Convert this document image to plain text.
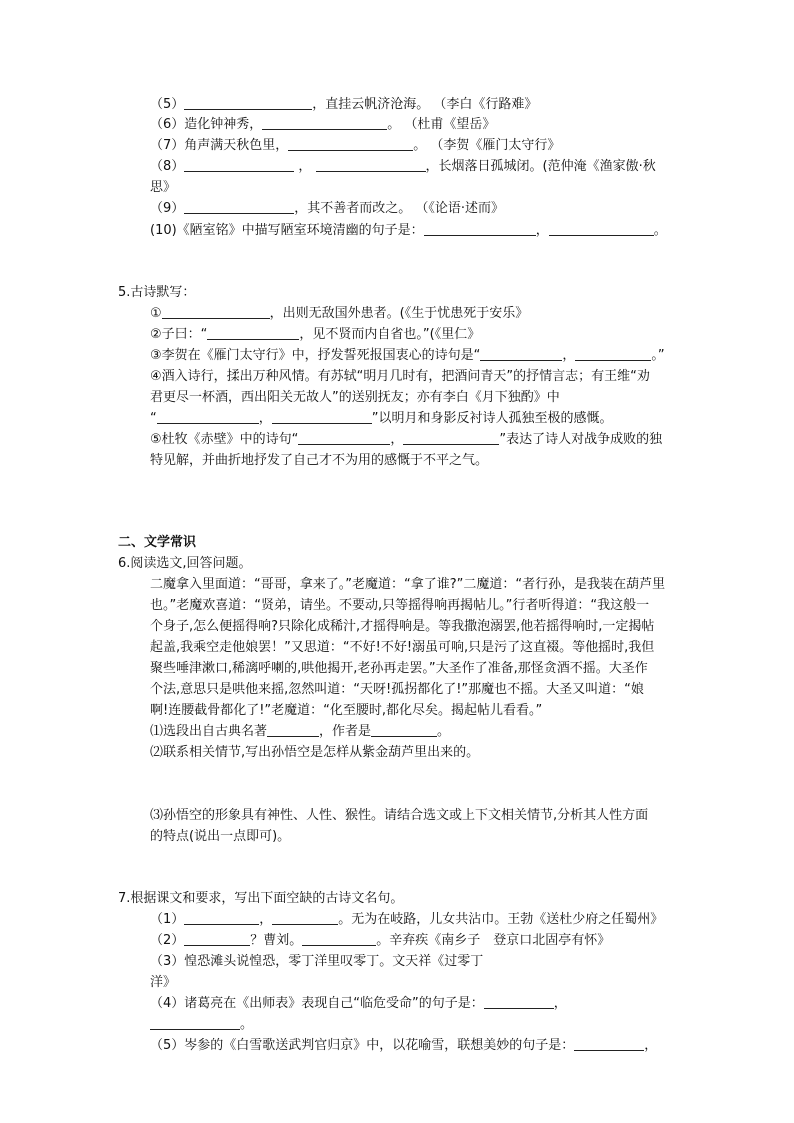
（5）	，直挂云帆济沧海。 （李白《行路难》
（6）造化钟神秀，	。 （杜甫《望岳》
（7）角声满天秋色里，	。 （李贺《雁门太守行》
（8）	，	，长烟落日孤城闭。(范仲淹《渔家傲·秋
思》
（9）	，其不善者而改之。 （《论语·述而》
(10)《陋室铭》中描写陋室环境清幽的句子是：	，	。
5.古诗默写：
①	，出则无敌国外患者。(《生于忧患死于安乐》
②子曰：“	，见不贤而内自省也。”(《里仁》
③李贺在《雁门太守行》中，抒发誓死报国衷心的诗句是“	，	。”
④酒入诗行，揉出万种风情。有苏轼“明月几时有，把酒问青天”的抒情言志；有王维“劝
君更尽一杯酒，西出阳关无故人”的送别抚友；亦有李白《月下独酌》中
“	，	”以明月和身影反衬诗人孤独至极的感慨。
⑤杜牧《赤壁》中的诗句“	，	”表达了诗人对战争成败的独
特见解，并曲折地抒发了自己才不为用的感慨于不平之气。
二、文学常识
6.阅读选文,回答问题。
二魔拿入里面道：“哥哥，拿来了。”老魔道：“拿了谁?”二魔道：“者行孙，是我装在葫芦里
也。”老魔欢喜道：“贤弟，请坐。不要动,只等摇得响再揭帖儿。”行者听得道：“我这般一
个身子,怎么便摇得响?只除化成稀汁,才摇得响是。等我撒泡溺罢,他若摇得响时,一定揭帖
起盖,我乘空走他娘罢！”又思道：“不好!不好!溺虽可响,只是污了这直裰。等他摇时,我但
聚些唾津漱口,稀漓呼喇的,哄他揭开,老孙再走罢。”大圣作了准备,那怪贪酒不摇。大圣作
个法,意思只是哄他来摇,忽然叫道：“天呀!孤拐都化了!”那魔也不摇。大圣又叫道：“娘
啊!连腰截骨都化了!”老魔道：“化至腰时,都化尽矣。揭起帖儿看看。”
⑴选段出自古典名著	，作者是	。
⑵联系相关情节,写出孙悟空是怎样从紫金葫芦里出来的。
⑶孙悟空的形象具有神性、人性、猴性。请结合选文或上下文相关情节,分析其人性方面
的特点(说出一点即可)。
7.根据课文和要求，写出下面空缺的古诗文名句。
（1）	，	。无为在岐路，儿女共沾巾。王勃《送杜少府之任蜀州》
（2）	？曹刘。	。辛弃疾《南乡子　登京口北固亭有怀》
（3）惶恐滩头说惶恐，零丁洋里叹零丁。文天祥《过零丁
洋》
（4）诸葛亮在《出师表》表现自己“临危受命”的句子是：	，
。
（5）岑参的《白雪歌送武判官归京》中，以花喻雪，联想美妙的句子是：	，
